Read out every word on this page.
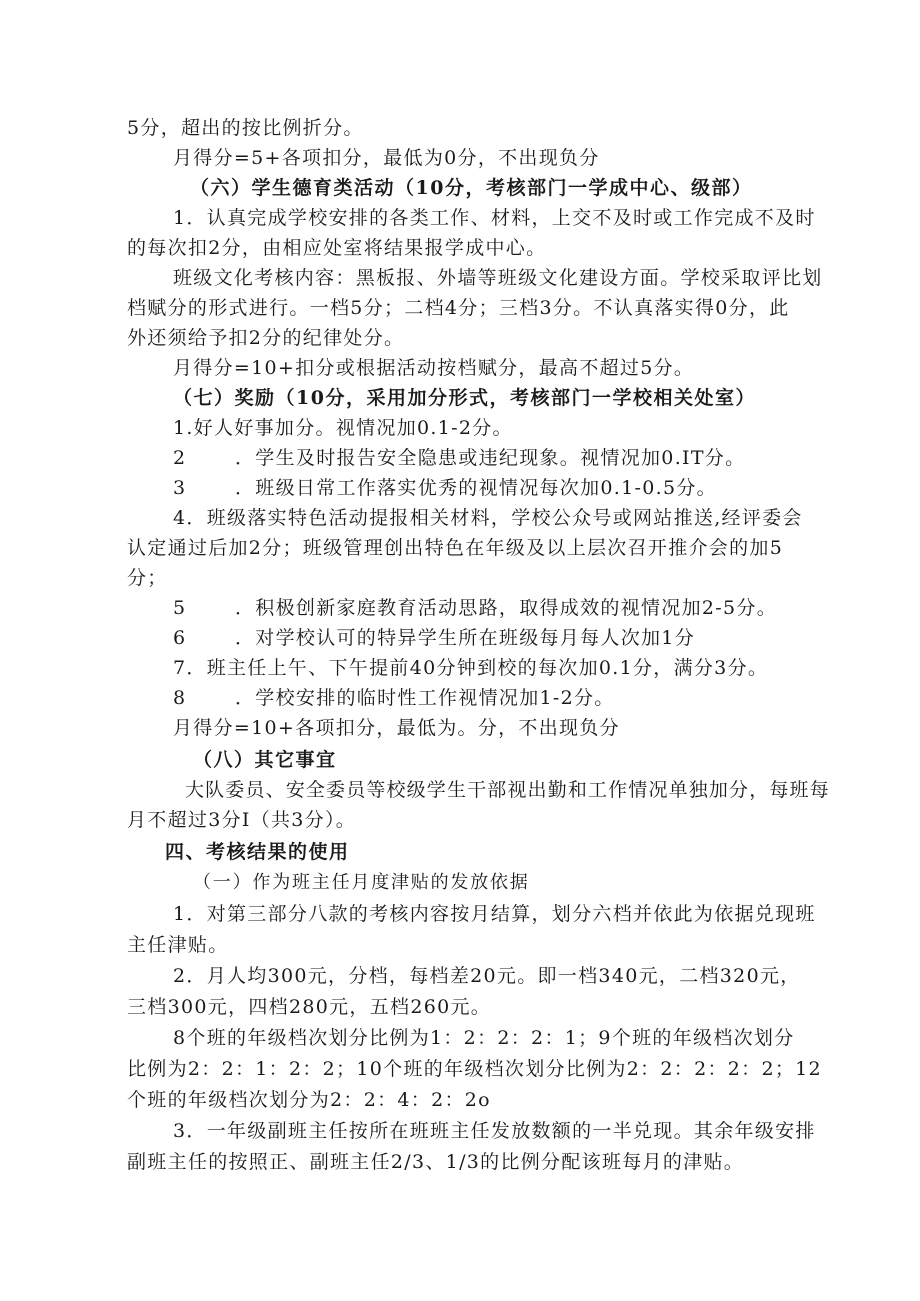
5分，超出的按比例折分。
月得分=5+各项扣分，最低为0分，不出现负分
（六）学生德育类活动（10分，考核部门一学成中心、级部）
1．认真完成学校安排的各类工作、材料，上交不及时或工作完成不及时
的每次扣2分，由相应处室将结果报学成中心。
班级文化考核内容：黑板报、外墙等班级文化建设方面。学校采取评比划
档赋分的形式进行。一档5分；二档4分；三档3分。不认真落实得0分，此
外还须给予扣2分的纪律处分。
月得分=10+扣分或根据活动按档赋分，最高不超过5分。
（七）奖励（10分，采用加分形式，考核部门一学校相关处室）
1.好人好事加分。视情况加0.1-2分。
2	．学生及时报告安全隐患或违纪现象。视情况加0.IT分。
3	．班级日常工作落实优秀的视情况每次加0.1-0.5分。
4．班级落实特色活动提报相关材料，学校公众号或网站推送,经评委会
认定通过后加2分；班级管理创出特色在年级及以上层次召开推介会的加5
分；
5	．积极创新家庭教育活动思路，取得成效的视情况加2-5分。
6	．对学校认可的特异学生所在班级每月每人次加1分
7．班主任上午、下午提前40分钟到校的每次加0.1分，满分3分。
8	．学校安排的临时性工作视情况加1-2分。
月得分=10+各项扣分，最低为。分，不出现负分
（八）其它事宜
大队委员、安全委员等校级学生干部视出勤和工作情况单独加分，每班每
月不超过3分I（共3分）。
四、考核结果的使用
（一）作为班主任月度津贴的发放依据
1．对第三部分八款的考核内容按月结算，划分六档并依此为依据兑现班
主任津贴。
2．月人均300元，分档，每档差20元。即一档340元，二档320元，
三档300元，四档280元，五档260元。
8个班的年级档次划分比例为1：2：2：2：1；9个班的年级档次划分
比例为2：2：1：2：2；10个班的年级档次划分比例为2：2：2：2：2；12
个班的年级档次划分为2：2：4：2：2o
3．一年级副班主任按所在班班主任发放数额的一半兑现。其余年级安排
副班主任的按照正、副班主任2/3、1/3的比例分配该班每月的津贴。
